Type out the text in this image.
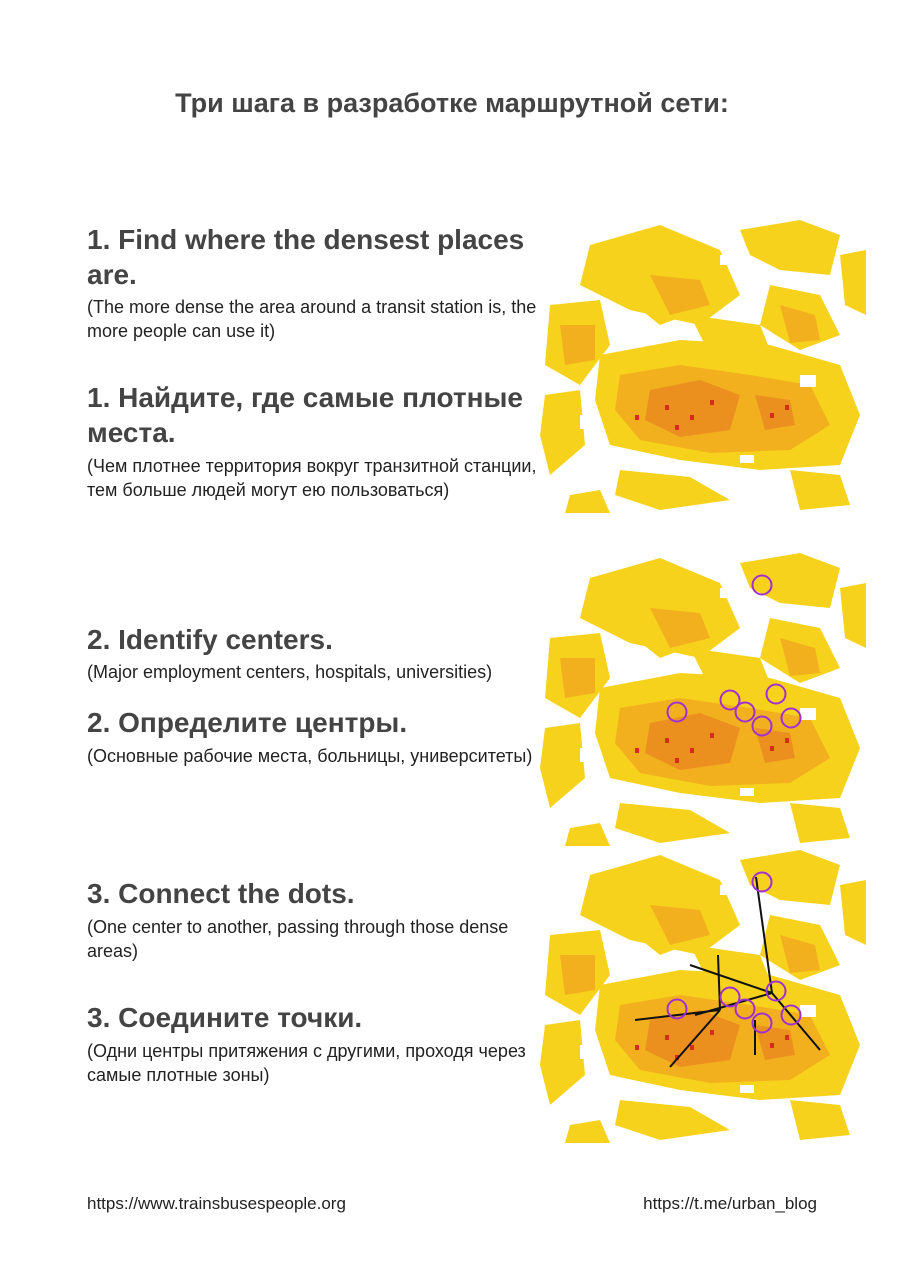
Три шага в разработке маршрутной сети:
1. Find where the densest places are.

(The more dense the area around a transit station is, the more people can use it)

1. Найдите, где самые плотные места.

(Чем плотнее территория вокруг транзитной станции, тем больше людей могут ею пользоваться)

2. Identify centers.

(Major employment centers, hospitals, universities)

2. Определите центры.

(Основные рабочие места, больницы, университеты)

3. Connect the dots.

(One center to another, passing through those dense areas)

3. Соедините точки.

(Одни центры притяжения с другими, проходя через самые плотные зоны)

https://www.trainsbusespeople.org	https://t.me/urban_blog
